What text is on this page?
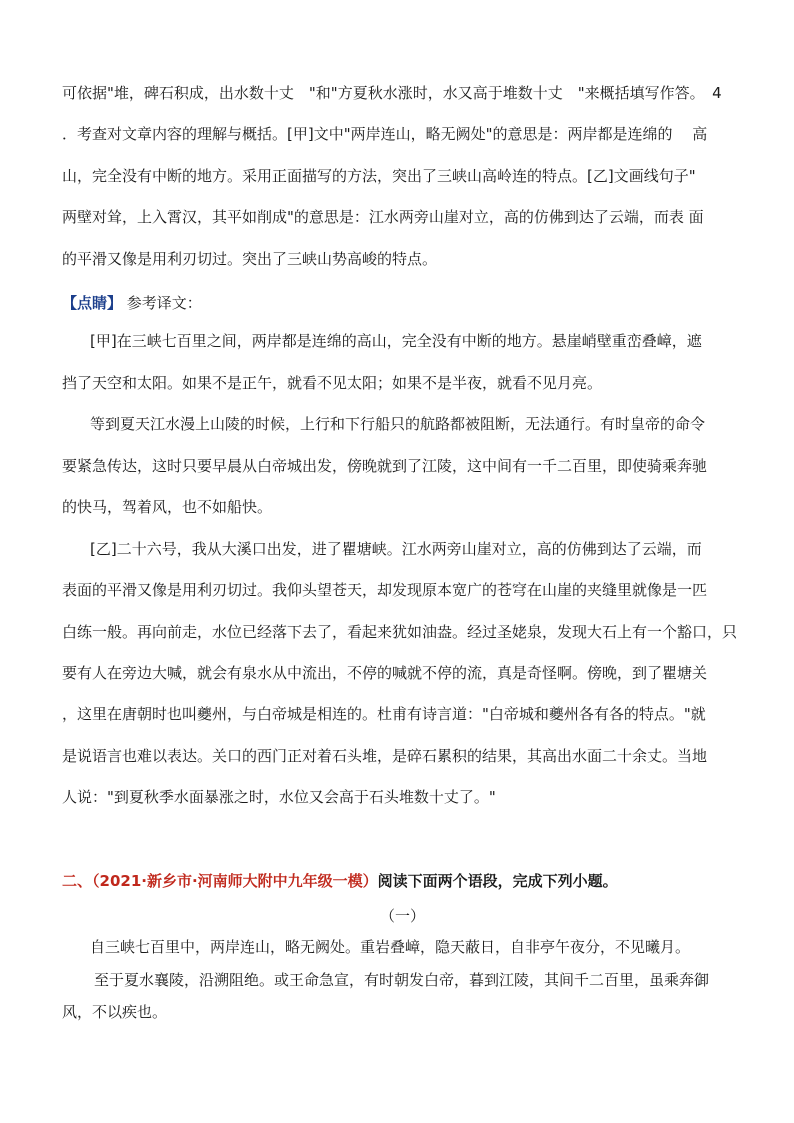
可依据"堆，碑石积成，出水数十丈　"和"方夏秋水涨时，水又高于堆数十丈　"来概括填写作答。　4
．考查对文章内容的理解与概括。[甲]文中"两岸连山，略无阙处"的意思是：两岸都是连绵的　 高
山，完全没有中断的地方。采用正面描写的方法，突出了三峡山高岭连的特点。[乙]文画线句子"
两壁对耸，上入霄汉，其平如削成"的意思是：江水两旁山崖对立，高的仿佛到达了云端，而表 面
的平滑又像是用利刃切过。突出了三峡山势高峻的特点。
【点睛】 参考译文：
[甲]在三峡七百里之间，两岸都是连绵的高山，完全没有中断的地方。悬崖峭壁重峦叠嶂，遮
挡了天空和太阳。如果不是正午，就看不见太阳；如果不是半夜，就看不见月亮。
等到夏天江水漫上山陵的时候，上行和下行船只的航路都被阻断，无法通行。有时皇帝的命令
要紧急传达，这时只要早晨从白帝城出发，傍晚就到了江陵，这中间有一千二百里，即使骑乘奔驰
的快马，驾着风，也不如船快。
[乙]二十六号，我从大溪口出发，进了瞿塘峡。江水两旁山崖对立，高的仿佛到达了云端，而
表面的平滑又像是用利刃切过。我仰头望苍天，却发现原本宽广的苍穹在山崖的夹缝里就像是一匹
白练一般。再向前走，水位已经落下去了，看起来犹如油盎。经过圣姥泉，发现大石上有一个豁口，只
要有人在旁边大喊，就会有泉水从中流出，不停的喊就不停的流，真是奇怪啊。傍晚，到了瞿塘关
，这里在唐朝时也叫夔州，与白帝城是相连的。杜甫有诗言道："白帝城和夔州各有各的特点。"就
是说语言也难以表达。关口的西门正对着石头堆，是碎石累积的结果，其高出水面二十余丈。当地
人说："到夏秋季水面暴涨之时，水位又会高于石头堆数十丈了。"
二、（2021·新乡市·河南师大附中九年级一模）阅读下面两个语段，完成下列小题。
（一）
自三峡七百里中，两岸连山，略无阙处。重岩叠嶂，隐天蔽日，自非亭午夜分，不见曦月。
至于夏水襄陵，沿溯阻绝。或王命急宣，有时朝发白帝，暮到江陵，其间千二百里，虽乘奔御
风，不以疾也。
